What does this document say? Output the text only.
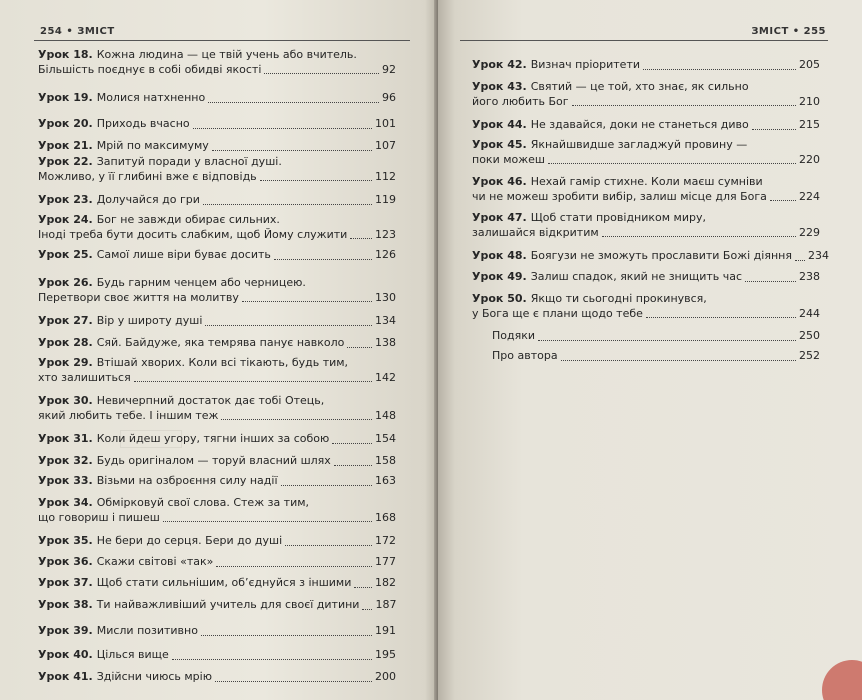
254 • ЗМІСТ
Урок 18. Кожна людина — це твій учень або вчитель.
Більшість поєднує в собі обидві якості	92
Урок 19. Молися натхненно	96
Урок 20. Приходь вчасно	101
Урок 21. Мрій по максимуму	107
Урок 22. Запитуй поради у власної душі.
Можливо, у її глибині вже є відповідь	112
Урок 23. Долучайся до гри	119
Урок 24. Бог не завжди обирає сильних.
Іноді треба бути досить слабким, щоб Йому служити	123
Урок 25. Самої лише віри буває досить	126
Урок 26. Будь гарним ченцем або черницею.
Перетвори своє життя на молитву	130
Урок 27. Вір у широту душі	134
Урок 28. Сяй. Байдуже, яка темрява панує навколо	138
Урок 29. Втішай хворих. Коли всі тікають, будь тим,
хто залишиться	142
Урок 30. Невичерпний достаток дає тобі Отець,
який любить тебе. І іншим теж	148
Урок 31. Коли йдеш угору, тягни інших за собою	154
Урок 32. Будь оригіналом — торуй власний шлях	158
Урок 33. Візьми на озброєння силу надії	163
Урок 34. Обмірковуй свої слова. Стеж за тим,
що говориш і пишеш	168
Урок 35. Не бери до серця. Бери до душі	172
Урок 36. Скажи світові «так»	177
Урок 37. Щоб стати сильнішим, об’єднуйся з іншими 182
Урок 38. Ти найважливіший учитель для своєї дитини 187
Урок 39. Мисли позитивно	191
Урок 40. Цілься вище	195
Урок 41. Здійсни чиюсь мрію	200
ЗМІСТ • 255
Урок 42. Визнач пріоритети	205
Урок 43. Святий — це той, хто знає, як сильно
його любить Бог	210
Урок 44. Не здавайся, доки не станеться диво	215
Урок 45. Якнайшвидше загладжуй провину —
поки можеш	220
Урок 46. Нехай гамір стихне. Коли маєш сумніви
чи не можеш зробити вибір, залиш місце для Бога	224
Урок 47. Щоб стати провідником миру,
залишайся відкритим	229
Урок 48. Боягузи не зможуть прославити Божі діяння 234
Урок 49. Залиш спадок, який не знищить час	238
Урок 50. Якщо ти сьогодні прокинувся,
у Бога ще є плани щодо тебе	244
Подяки	250
Про автора	252
